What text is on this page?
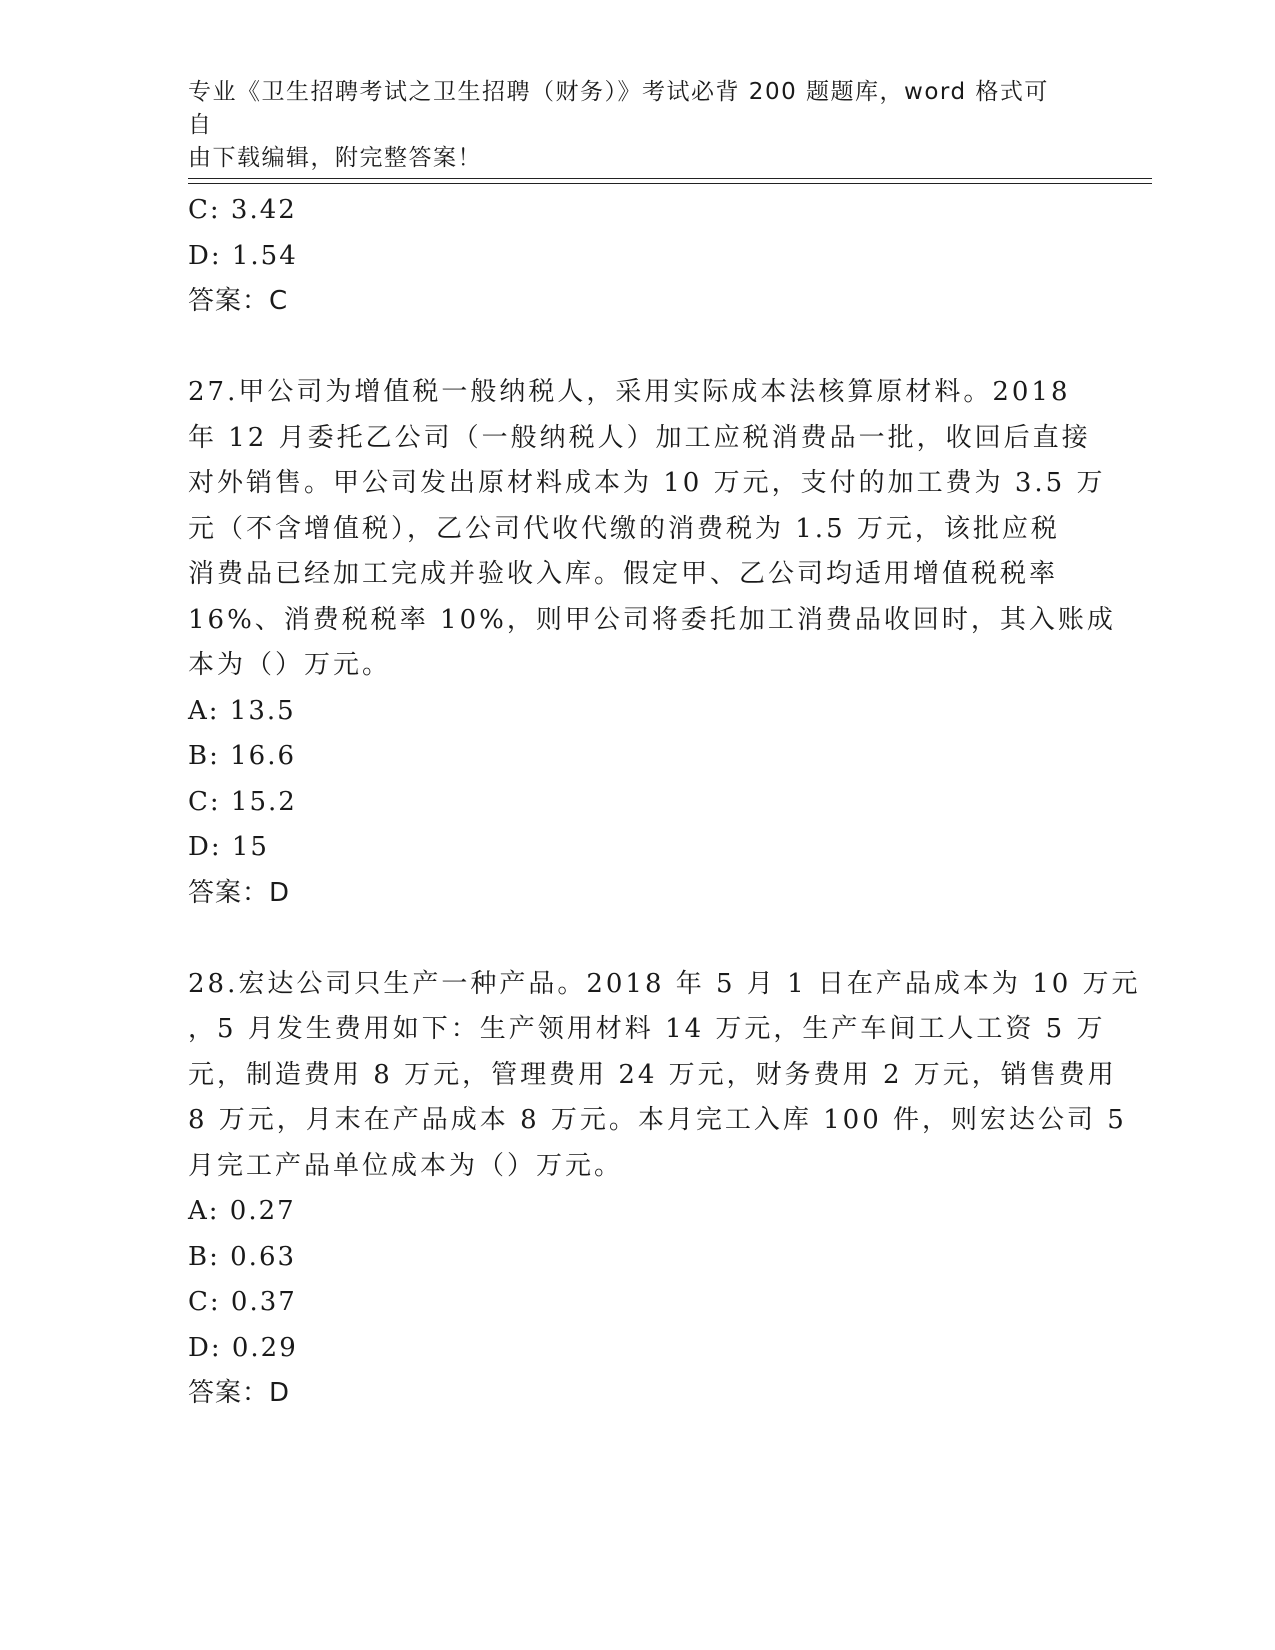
专业《卫生招聘考试之卫生招聘（财务）》考试必背 200 题题库，word 格式可自
由下载编辑，附完整答案！
C: 3.42
D: 1.54
答案：C
27.甲公司为增值税一般纳税人，采用实际成本法核算原材料。2018
年 12 月委托乙公司（一般纳税人）加工应税消费品一批，收回后直接
对外销售。甲公司发出原材料成本为 10 万元，支付的加工费为 3.5 万
元（不含增值税），乙公司代收代缴的消费税为 1.5 万元，该批应税
消费品已经加工完成并验收入库。假定甲、乙公司均适用增值税税率
16%、消费税税率 10%，则甲公司将委托加工消费品收回时，其入账成
本为（）万元。
A: 13.5
B: 16.6
C: 15.2
D: 15
答案：D
28.宏达公司只生产一种产品。2018 年 5 月 1 日在产品成本为 10 万元
，5 月发生费用如下：生产领用材料 14 万元，生产车间工人工资 5 万
元，制造费用 8 万元，管理费用 24 万元，财务费用 2 万元，销售费用
8 万元，月末在产品成本 8 万元。本月完工入库 100 件，则宏达公司 5
月完工产品单位成本为（）万元。
A: 0.27
B: 0.63
C: 0.37
D: 0.29
答案：D
